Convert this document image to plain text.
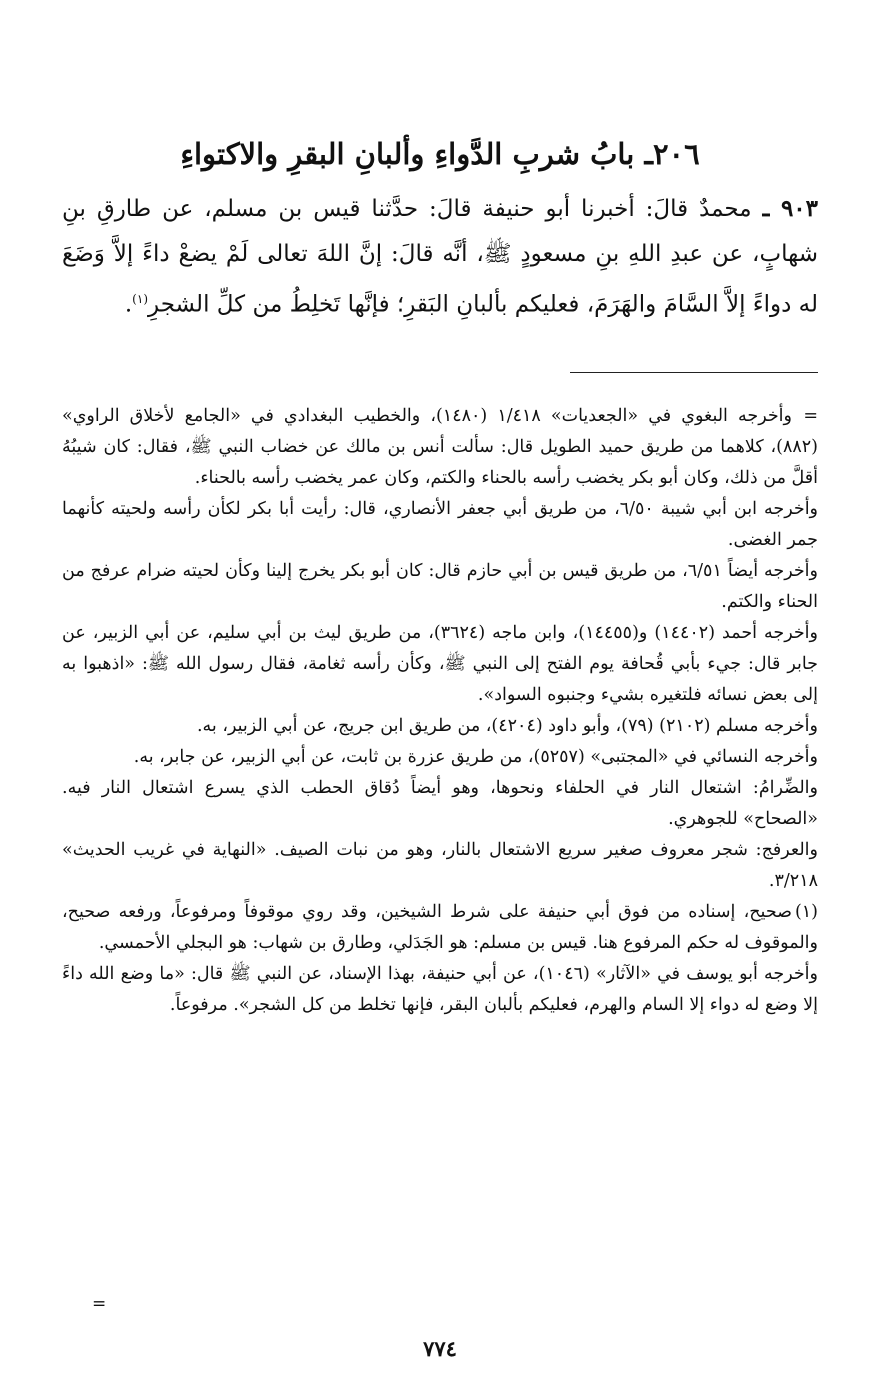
٢٠٦ـ بابُ شربِ الدَّواءِ وألبانِ البقرِ والاكتواءِ

٩٠٣ ـ محمدٌ قالَ: أخبرنا أبو حنيفة قالَ: حدَّثنا قيس بن مسلم، عن طارقِ بنِ شهابٍ، عن عبدِ اللهِ بنِ مسعودٍ ﷺ، أنَّه قالَ: إنَّ اللهَ تعالى لَمْ يضعْ داءً إلاَّ وَضَعَ له دواءً إلاَّ السَّامَ والهَرَمَ، فعليكم بألبانِ البَقرِ؛ فإنَّها تَخلِطُ من كلِّ الشجرِ$^{(١)}$.

=وأخرجه البغوي في «الجعديات» ١/٤١٨ (١٤٨٠)، والخطيب البغدادي في «الجامع لأخلاق الراوي» (٨٨٢)، كلاهما من طريق حميد الطويل قال: سألت أنس بن مالك عن خضاب النبي ﷺ، فقال: كان شيبُهُ أقلَّ من ذلك، وكان أبو بكر يخضب رأسه بالحناء والكتم، وكان عمر يخضب رأسه بالحناء.

وأخرجه ابن أبي شيبة ٦/٥٠، من طريق أبي جعفر الأنصاري، قال: رأيت أبا بكر لكأن رأسه ولحيته كأنهما جمر الغضى.

وأخرجه أيضاً ٦/٥١، من طريق قيس بن أبي حازم قال: كان أبو بكر يخرج إلينا وكأن لحيته ضرام عرفج من الحناء والكتم.

وأخرجه أحمد (١٤٤٠٢) و(١٤٤٥٥)، وابن ماجه (٣٦٢٤)، من طريق ليث بن أبي سليم، عن أبي الزبير، عن جابر قال: جيء بأبي قُحافة يوم الفتح إلى النبي ﷺ، وكأن رأسه ثغامة، فقال رسول الله ﷺ: «اذهبوا به إلى بعض نسائه فلتغيره بشيء وجنبوه السواد».

وأخرجه مسلم (٢١٠٢) (٧٩)، وأبو داود (٤٢٠٤)، من طريق ابن جريج، عن أبي الزبير، به.

وأخرجه النسائي في «المجتبى» (٥٢٥٧)، من طريق عزرة بن ثابت، عن أبي الزبير، عن جابر، به.

والضِّرامُ: اشتعال النار في الحلفاء ونحوها، وهو أيضاً دُقاق الحطب الذي يسرع اشتعال النار فيه. «الصحاح» للجوهري.

والعرفج: شجر معروف صغير سريع الاشتعال بالنار، وهو من نبات الصيف. «النهاية في غريب الحديث» ٣/٢١٨.

(١)صحيح، إسناده من فوق أبي حنيفة على شرط الشيخين، وقد روي موقوفاً ومرفوعاً، ورفعه صحيح، والموقوف له حكم المرفوع هنا. قيس بن مسلم: هو الجَدَلي، وطارق بن شهاب: هو البجلي الأحمسي.

وأخرجه أبو يوسف في «الآثار» (١٠٤٦)، عن أبي حنيفة، بهذا الإسناد، عن النبي ﷺ قال: «ما وضع الله داءً إلا وضع له دواء إلا السام والهرم، فعليكم بألبان البقر، فإنها تخلط من كل الشجر». مرفوعاً.

=
٧٧٤
